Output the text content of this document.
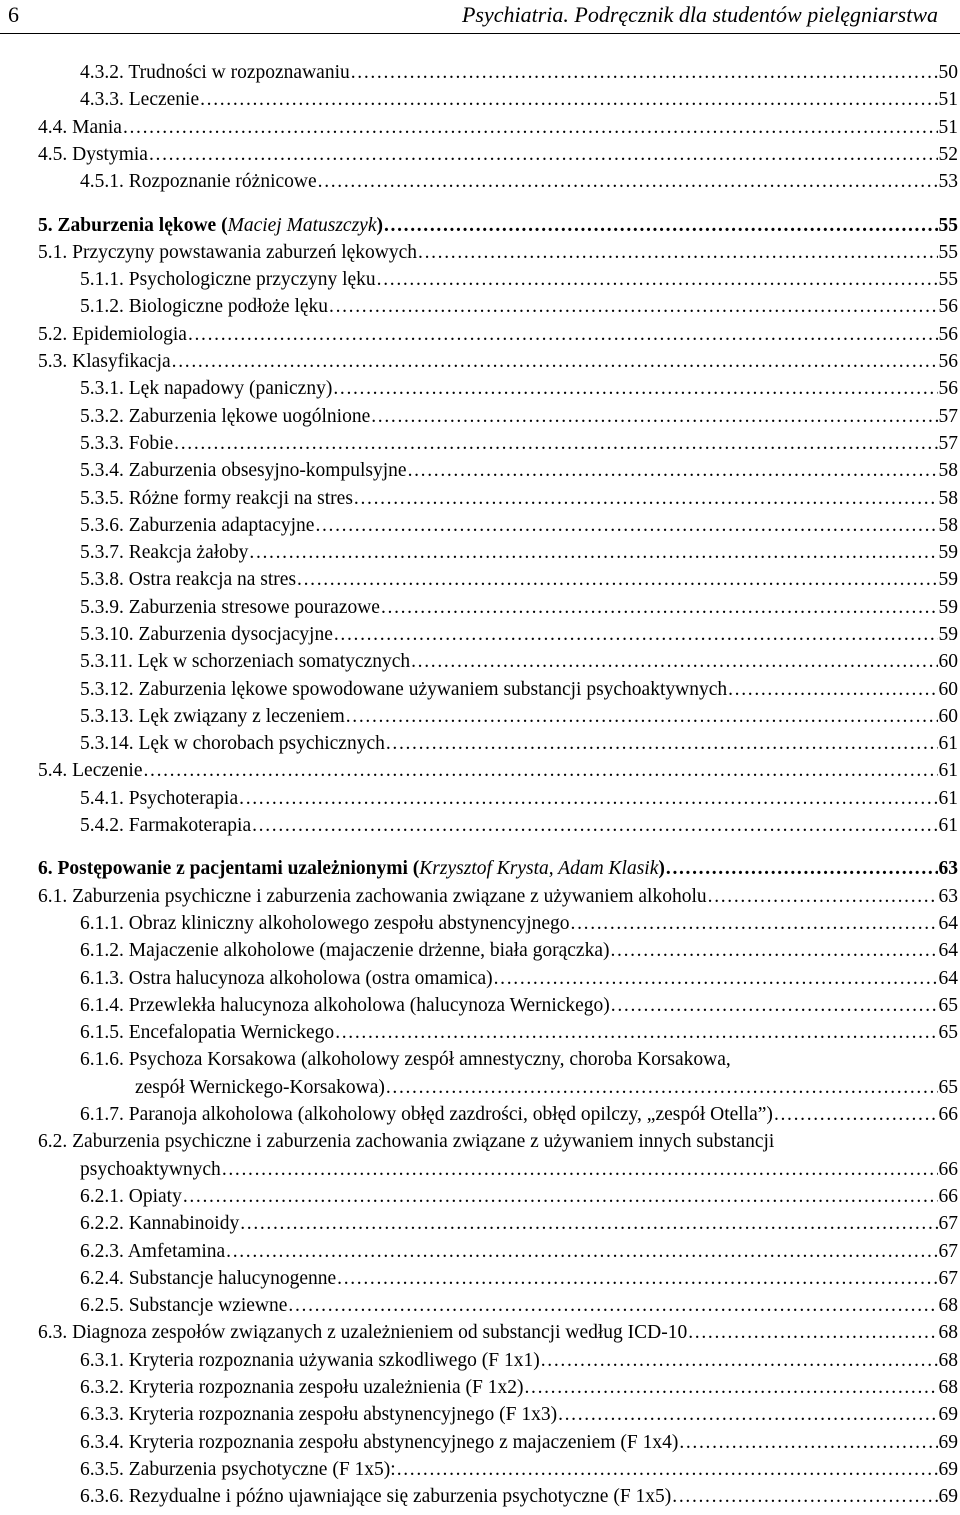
6	Psychiatria. Podręcznik dla studentów pielęgniarstwa
4.3.2. Trudności w rozpoznawaniu . . .	50
4.3.3. Leczenie . . .	51
4.4. Mania . . .	51
4.5. Dystymia . . .	52
4.5.1. Rozpoznanie różnicowe . . .	53
5. Zaburzenia lękowe (Maciej Matuszczyk) . . .	55
5.1. Przyczyny powstawania zaburzeń lękowych . . .	55
5.1.1. Psychologiczne przyczyny lęku . . .	55
5.1.2. Biologiczne podłoże lęku . . .	56
5.2. Epidemiologia . . .	56
5.3. Klasyfikacja . . .	56
5.3.1. Lęk napadowy (paniczny) . . .	56
5.3.2. Zaburzenia lękowe uogólnione . . .	57
5.3.3. Fobie . . .	57
5.3.4. Zaburzenia obsesyjno-kompulsyjne . . .	58
5.3.5. Różne formy reakcji na stres . . .	58
5.3.6. Zaburzenia adaptacyjne . . .	58
5.3.7. Reakcja żałoby . . .	59
5.3.8. Ostra reakcja na stres . . .	59
5.3.9. Zaburzenia stresowe pourazowe . . .	59
5.3.10. Zaburzenia dysocjacyjne . . .	59
5.3.11. Lęk w schorzeniach somatycznych . . .	60
5.3.12. Zaburzenia lękowe spowodowane używaniem substancji psychoaktywnych . . .	60
5.3.13. Lęk związany z leczeniem . . .	60
5.3.14. Lęk w chorobach psychicznych . . .	61
5.4. Leczenie . . .	61
5.4.1. Psychoterapia . . .	61
5.4.2. Farmakoterapia . . .	61
6. Postępowanie z pacjentami uzależnionymi (Krzysztof Krysta, Adam Klasik) . . .	63
6.1. Zaburzenia psychiczne i zaburzenia zachowania związane z używaniem alkoholu . . .	63
6.1.1. Obraz kliniczny alkoholowego zespołu abstynencyjnego . . .	64
6.1.2. Majaczenie alkoholowe (majaczenie drżenne, biała gorączka) . . .	64
6.1.3. Ostra halucynoza alkoholowa (ostra omamica) . . .	64
6.1.4. Przewlekła halucynoza alkoholowa (halucynoza Wernickego) . . .	65
6.1.5. Encefalopatia Wernickego . . .	65
6.1.6. Psychoza Korsakowa (alkoholowy zespół amnestyczny, choroba Korsakowa,
zespół Wernickego-Korsakowa) . . .	65
6.1.7. Paranoja alkoholowa (alkoholowy obłęd zazdrości, obłęd opilczy, „zespół Otella”) . . .	66
6.2. Zaburzenia psychiczne i zaburzenia zachowania związane z używaniem innych substancji
psychoaktywnych . . .	66
6.2.1. Opiaty . . .	66
6.2.2. Kannabinoidy . . .	67
6.2.3. Amfetamina . . .	67
6.2.4. Substancje halucynogenne . . .	67
6.2.5. Substancje wziewne . . .	68
6.3. Diagnoza zespołów związanych z uzależnieniem od substancji według ICD-10 . . .	68
6.3.1. Kryteria rozpoznania używania szkodliwego (F 1x1) . . .	68
6.3.2. Kryteria rozpoznania zespołu uzależnienia (F 1x2) . . .	68
6.3.3. Kryteria rozpoznania zespołu abstynencyjnego (F 1x3) . . .	69
6.3.4. Kryteria rozpoznania zespołu abstynencyjnego z majaczeniem (F 1x4) . . .	69
6.3.5. Zaburzenia psychotyczne (F 1x5): . . .	69
6.3.6. Rezydualne i późno ujawniające się zaburzenia psychotyczne (F 1x5) . . .	69
